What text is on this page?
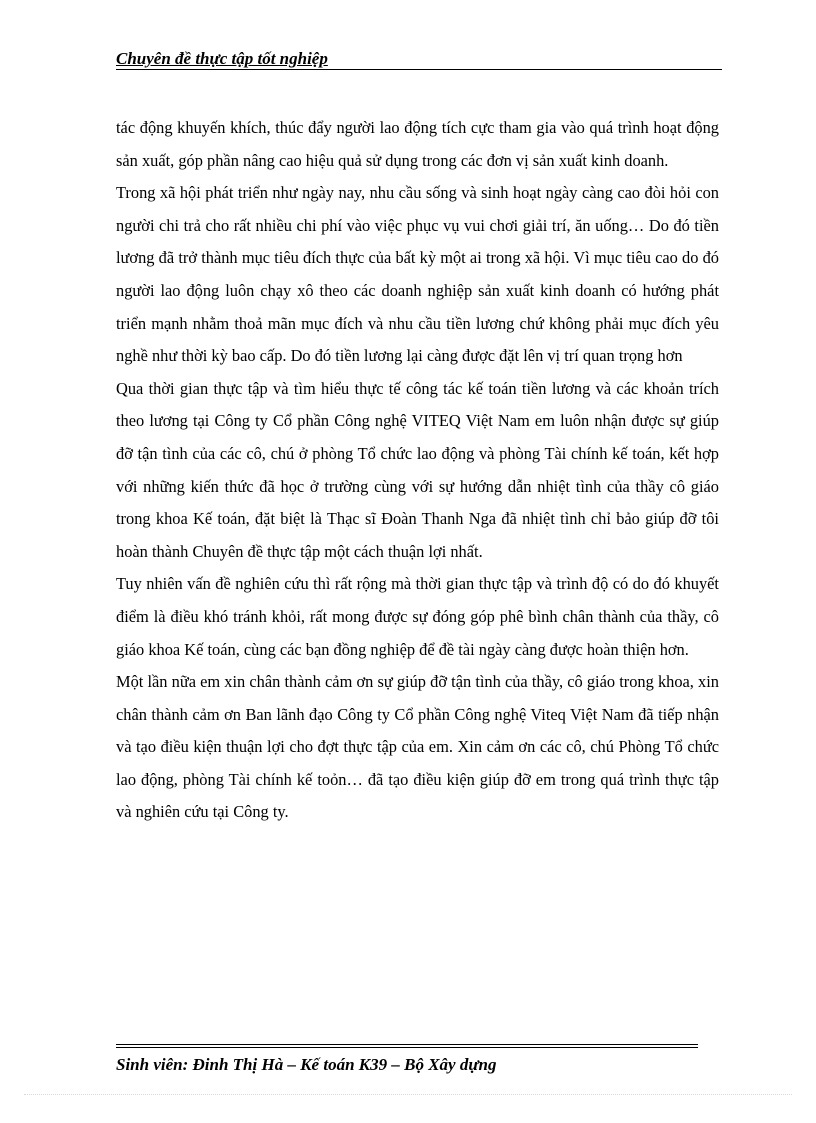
Chuyên đề thực tập tốt nghiệp

tác động khuyến khích, thúc đẩy người lao động tích cực tham gia vào quá trình hoạt động sản xuất, góp phần nâng cao hiệu quả sử dụng trong các đơn vị sản xuất kinh doanh.

Trong xã hội phát triển như ngày nay, nhu cầu sống và sinh hoạt ngày càng cao đòi hỏi con người chi trả cho rất nhiều chi phí vào việc phục vụ vui chơi giải trí, ăn uống… Do đó tiền lương đã trở thành mục tiêu đích thực của bất kỳ một ai trong xã hội. Vì mục tiêu cao do đó người lao động luôn chạy xô theo các doanh nghiệp sản xuất kinh doanh có hướng phát triển mạnh nhằm thoả mãn mục đích và nhu cầu tiền lương chứ không phải mục đích yêu nghề như thời kỳ bao cấp. Do đó tiền lương lại càng được đặt lên vị trí quan trọng hơn

Qua thời gian thực tập và tìm hiểu thực tế công tác kế toán tiền lương và các khoản trích theo lương tại Công ty Cổ phần Công nghệ VITEQ Việt Nam em luôn nhận được sự giúp đỡ tận tình của các cô, chú ở phòng Tổ chức lao động và phòng Tài chính kế toán, kết hợp với những kiến thức đã học ở trường cùng với sự hướng dẫn nhiệt tình của thầy cô giáo trong khoa Kế toán, đặt biệt là Thạc sĩ Đoàn Thanh Nga đã nhiệt tình chỉ bảo giúp đỡ tôi hoàn thành Chuyên đề thực tập một cách thuận lợi nhất.

Tuy nhiên vấn đề nghiên cứu thì rất rộng mà thời gian thực tập và trình độ có do đó khuyết điểm là điều khó tránh khỏi, rất mong được sự đóng góp phê bình chân thành của thầy, cô giáo khoa Kế toán, cùng các bạn đồng nghiệp để đề tài ngày càng được hoàn thiện hơn.

Một lần nữa em xin chân thành cảm ơn sự giúp đỡ tận tình của thầy, cô giáo trong khoa, xin chân thành cảm ơn Ban lãnh đạo Công ty Cổ phần Công nghệ Viteq Việt Nam đã tiếp nhận và tạo điều kiện thuận lợi cho đợt thực tập của em. Xin cảm ơn các cô, chú Phòng Tổ chức lao động, phòng Tài chính kế toỏn… đã tạo điều kiện giúp đỡ em trong quá trình thực tập và nghiên cứu tại Công ty.

Sinh viên: Đinh Thị Hà – Kế toán K39 – Bộ Xây dựng
